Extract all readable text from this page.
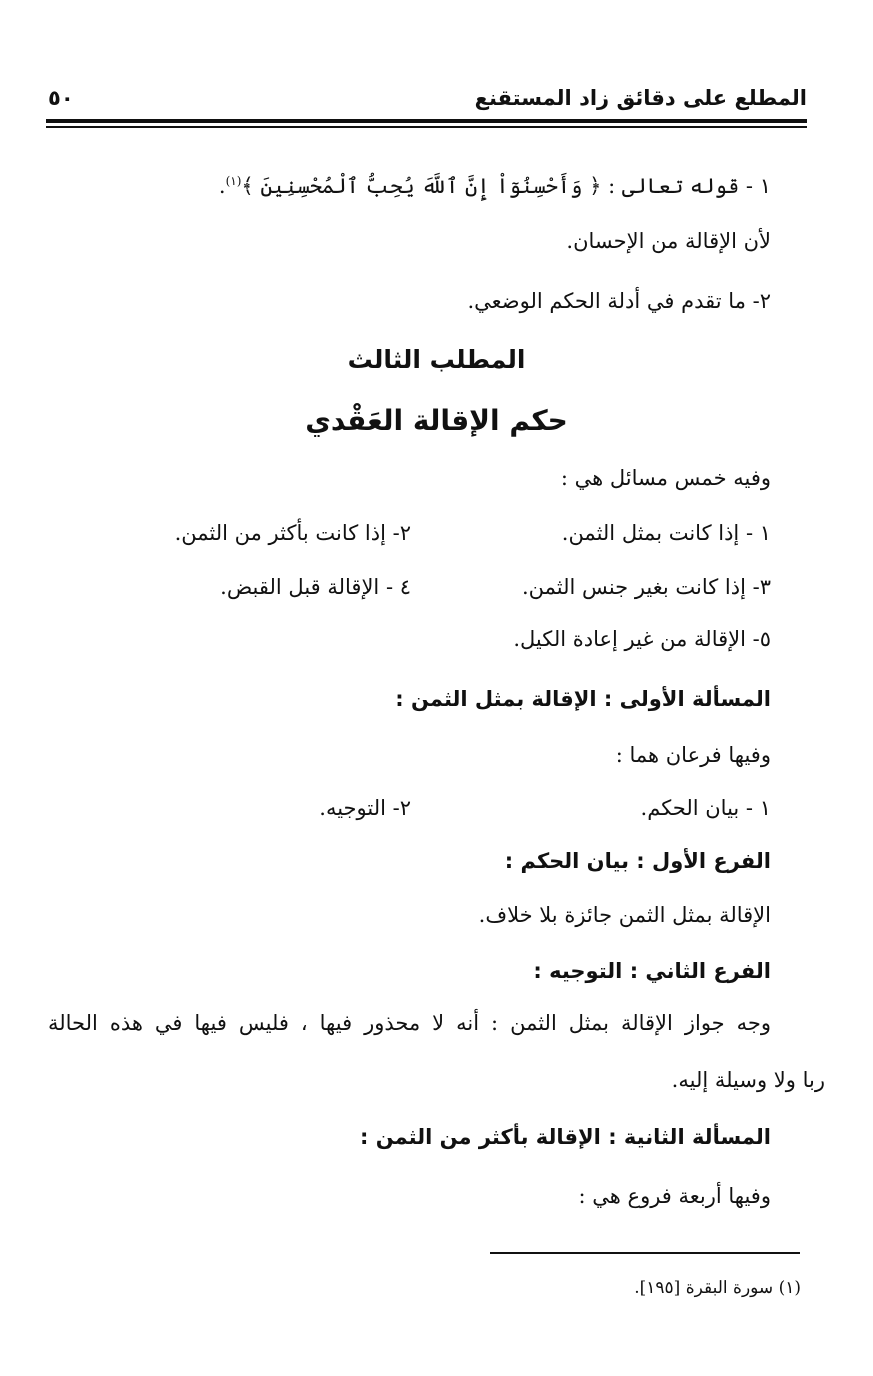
المطلع على دقائق زاد المستقنع
٥٠
١ - قوله تعالى : ﴿ وَأَحْسِنُوٓاْ إِنَّ ٱللَّهَ يُحِبُّ ٱلْمُحْسِنِينَ ﴾$^{(١)}$.
لأن الإقالة من الإحسان.
٢- ما تقدم في أدلة الحكم الوضعي.
المطلب الثالث
حكم الإقالة العَقْدي
وفيه خمس مسائل هي :
١ - إذا كانت بمثل الثمن.
٢- إذا كانت بأكثر من الثمن.
٣- إذا كانت بغير جنس الثمن.
٤ - الإقالة قبل القبض.
٥- الإقالة من غير إعادة الكيل.
المسألة الأولى : الإقالة بمثل الثمن :
وفيها فرعان هما :
١ - بيان الحكم.
٢- التوجيه.
الفرع الأول : بيان الحكم :
الإقالة بمثل الثمن جائزة بلا خلاف.
الفرع الثاني : التوجيه :
وجه جواز الإقالة بمثل الثمن : أنه لا محذور فيها ، فليس فيها في هذه الحالة
ربا ولا وسيلة إليه.
المسألة الثانية : الإقالة بأكثر من الثمن :
وفيها أربعة فروع هي :
(١) سورة البقرة [١٩٥].
